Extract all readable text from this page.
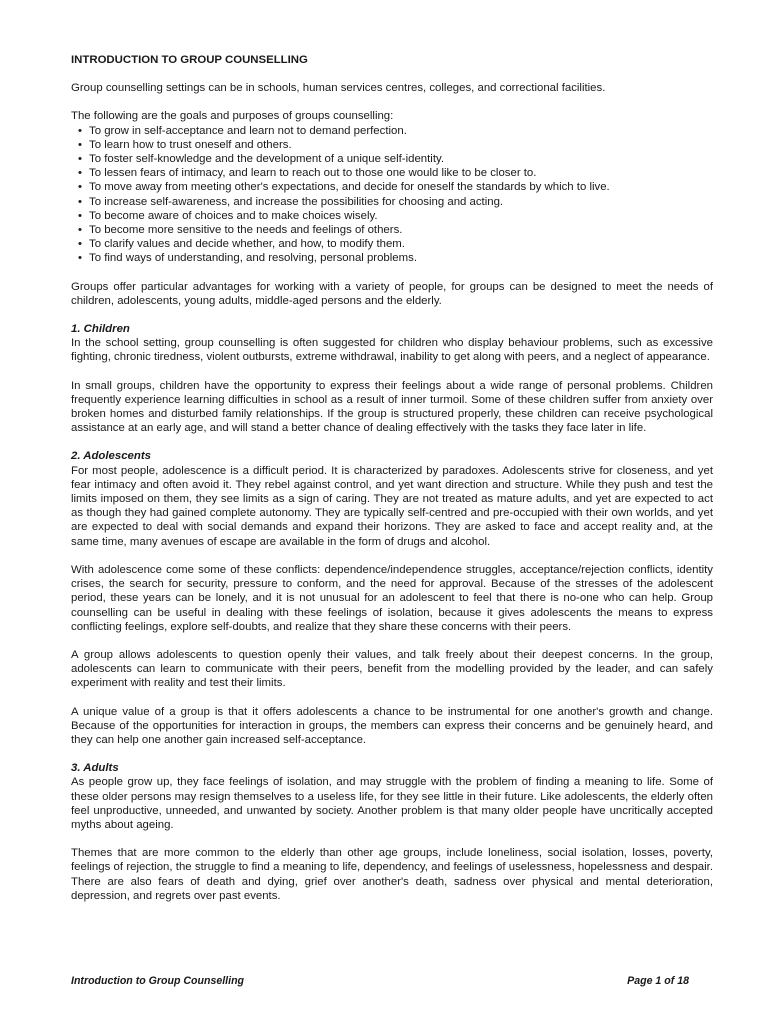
INTRODUCTION TO GROUP COUNSELLING

Group counselling settings can be in schools, human services centres, colleges, and correctional facilities.

The following are the goals and purposes of groups counselling:

• To grow in self-acceptance and learn not to demand perfection.
• To learn how to trust oneself and others.
• To foster self-knowledge and the development of a unique self-identity.
• To lessen fears of intimacy, and learn to reach out to those one would like to be closer to.
• To move away from meeting other's expectations, and decide for oneself the standards by which to live.
• To increase self-awareness, and increase the possibilities for choosing and acting.
• To become aware of choices and to make choices wisely.
• To become more sensitive to the needs and feelings of others.
• To clarify values and decide whether, and how, to modify them.
• To find ways of understanding, and resolving, personal problems.

Groups offer particular advantages for working with a variety of people, for groups can be designed to meet the needs of children, adolescents, young adults, middle-aged persons and the elderly.

1. Children

In the school setting, group counselling is often suggested for children who display behaviour problems, such as excessive fighting, chronic tiredness, violent outbursts, extreme withdrawal, inability to get along with peers, and a neglect of appearance.

In small groups, children have the opportunity to express their feelings about a wide range of personal problems. Children frequently experience learning difficulties in school as a result of inner turmoil. Some of these children suffer from anxiety over broken homes and disturbed family relationships. If the group is structured properly, these children can receive psychological assistance at an early age, and will stand a better chance of dealing effectively with the tasks they face later in life.

2. Adolescents

For most people, adolescence is a difficult period. It is characterized by paradoxes. Adolescents strive for closeness, and yet fear intimacy and often avoid it. They rebel against control, and yet want direction and structure. While they push and test the limits imposed on them, they see limits as a sign of caring. They are not treated as mature adults, and yet are expected to act as though they had gained complete autonomy. They are typically self-centred and pre-occupied with their own worlds, and yet are expected to deal with social demands and expand their horizons. They are asked to face and accept reality and, at the same time, many avenues of escape are available in the form of drugs and alcohol.

With adolescence come some of these conflicts: dependence/independence struggles, acceptance/rejection conflicts, identity crises, the search for security, pressure to conform, and the need for approval. Because of the stresses of the adolescent period, these years can be lonely, and it is not unusual for an adolescent to feel that there is no-one who can help. Group counselling can be useful in dealing with these feelings of isolation, because it gives adolescents the means to express conflicting feelings, explore self-doubts, and realize that they share these concerns with their peers.

A group allows adolescents to question openly their values, and talk freely about their deepest concerns. In the group, adolescents can learn to communicate with their peers, benefit from the modelling provided by the leader, and can safely experiment with reality and test their limits.

A unique value of a group is that it offers adolescents a chance to be instrumental for one another's growth and change. Because of the opportunities for interaction in groups, the members can express their concerns and be genuinely heard, and they can help one another gain increased self-acceptance.

3. Adults

As people grow up, they face feelings of isolation, and may struggle with the problem of finding a meaning to life. Some of these older persons may resign themselves to a useless life, for they see little in their future. Like adolescents, the elderly often feel unproductive, unneeded, and unwanted by society. Another problem is that many older people have uncritically accepted myths about ageing.

Themes that are more common to the elderly than other age groups, include loneliness, social isolation, losses, poverty, feelings of rejection, the struggle to find a meaning to life, dependency, and feelings of uselessness, hopelessness and despair. There are also fears of death and dying, grief over another's death, sadness over physical and mental deterioration, depression, and regrets over past events.

Introduction to Group Counselling	Page 1 of 18
